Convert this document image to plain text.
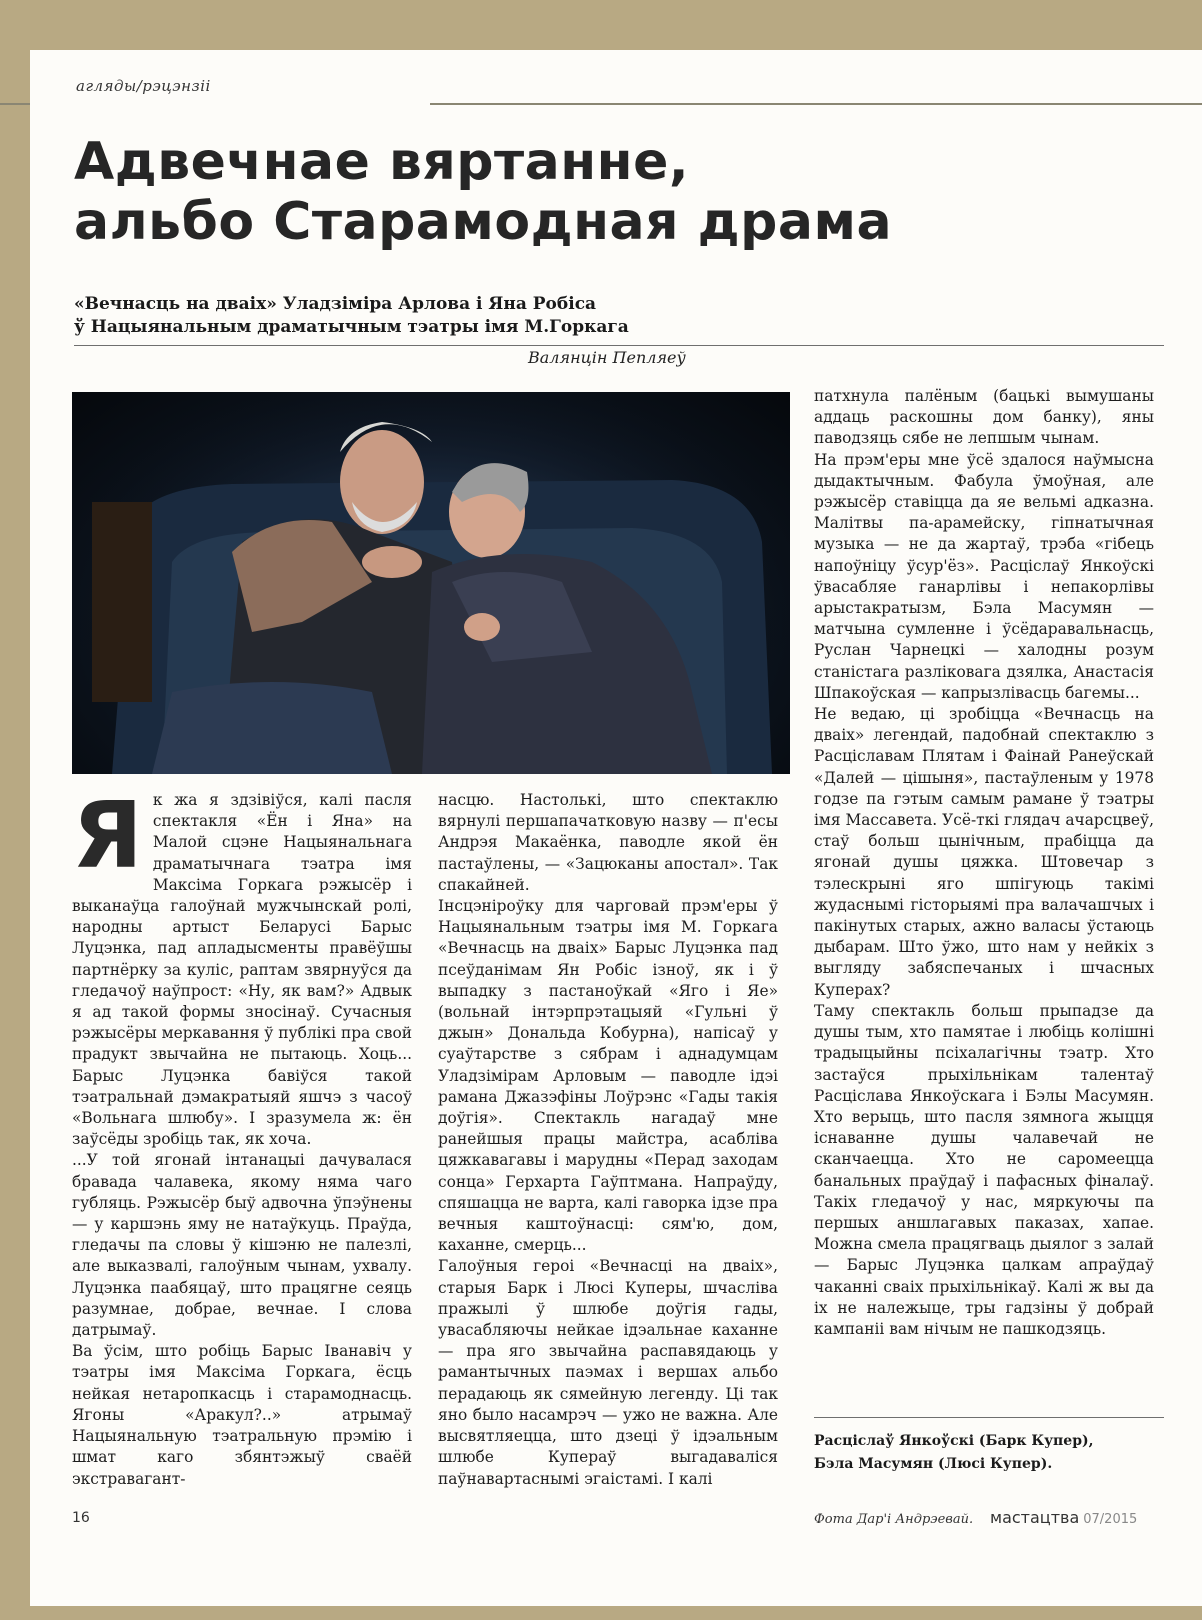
агляды/рэцэнзіі
Адвечнае вяртанне,
альбо Старамодная драма
«Вечнасць на дваіх» Уладзіміра Арлова і Яна Робіса
ў Нацыянальным драматычным тэатры імя М.Горкага
Валянцін Пепляеў
Я к жа я здзівіўся, калі пасля спектакля «Ён і Яна» на Малой сцэне Нацыянальнага драматычнага тэатра імя Максіма Горкага рэжысёр і выканаўца галоўнай мужчынскай ролі, народны артыст Беларусі Барыс Луцэнка, пад апладысменты правёўшы партнёрку за куліс, раптам звярнуўся да гледачоў наўпрост: «Ну, як вам?» Адвык я ад такой формы зносінаў. Сучасныя рэжысёры меркавання ў публікі пра свой прадукт звычайна не пытаюць. Хоць... Барыс Луцэнка бавіўся такой тэатральнай дэмакратыяй яшчэ з часоў «Вольнага шлюбу». І зразумела ж: ён заўсёды зробіць так, як хоча.

...У той ягонай інтанацыі дачувалася бравада чалавека, якому няма чаго губляць. Рэжысёр быў адвочна ўпэўнены — у каршэнь яму не натаўкуць. Праўда, гледачы па словы ў кішэню не палезлі, але выказвалі, галоўным чынам, ухвалу. Луцэнка паабяцаў, што працягне сеяць разумнае, добрае, вечнае. І слова датрымаў.

Ва ўсім, што робіць Барыс Іванавіч у тэатры імя Максіма Горкага, ёсць нейкая нетаропкасць і старамоднасць. Ягоны «Аракул?..» атрымаў Нацыянальную тэатральную прэмію і шмат каго збянтэжыў сваёй экстравагант-

насцю. Настолькі, што спектаклю вярнулі першапачатковую назву — п'есы Андрэя Макаёнка, паводле якой ён пастаўлены, — «Зацюканы апостал». Так спакайней.

Інсцэніроўку для чарговай прэм'еры ў Нацыянальным тэатры імя М. Горкага «Вечнасць на дваіх» Барыс Луцэнка пад псеўданімам Ян Робіс ізноў, як і ў выпадку з пастаноўкай «Яго і Яе» (вольнай інтэрпрэтацыяй «Гульні ў джын» Дональда Кобурна), напісаў у суаўтарстве з сябрам і аднадумцам Уладзімірам Арловым — паводле ідэі рамана Джазэфіны Лоўрэнс «Гады такія доўгія». Спектакль нагадаў мне ранейшыя працы майстра, асабліва цяжкавагавы і марудны «Перад заходам сонца» Герхарта Гаўптмана. Напраўду, спяшацца не варта, калі гаворка ідзе пра вечныя каштоўнасці: сям'ю, дом, каханне, смерць...

Галоўныя героі «Вечнасці на дваіх», старыя Барк і Люсі Куперы, шчасліва пражылі ў шлюбе доўгія гады, увасабляючы нейкае ідэальнае каханне — пра яго звычайна распавядаюць у рамантычных паэмах і вершах альбо перадаюць як сямейную легенду. Ці так яно было насамрэч — ужо не важна. Але высвятляецца, што дзеці ў ідэальным шлюбе Купераў выгадаваліся паўнавартаснымі эгаістамі. І калі

патхнула палёным (бацькі вымушаны аддаць раскошны дом банку), яны паводзяць сябе не лепшым чынам.

На прэм'еры мне ўсё здалося наўмысна дыдактычным. Фабула ўмоўная, але рэжысёр ставіцца да яе вельмі адказна. Малітвы па-арамейску, гіпнатычная музыка — не да жартаў, трэба «гібець напоўніцу ўсур'ёз». Расціслаў Янкоўскі ўвасабляе ганарлівы і непакорлівы арыстакратызм, Бэла Масумян — матчына сумленне і ўсёдаравальнасць, Руслан Чарнецкі — халодны розум станістага разліковага дзялка, Анастасія Шпакоўская — капрызлівасць багемы...

Не ведаю, ці зробіцца «Вечнасць на дваіх» легендай, падобнай спектаклю з Расціславам Плятам і Фаінай Ранеўскай «Далей — цішыня», пастаўленым у 1978 годзе па гэтым самым рамане ў тэатры імя Массавета. Усё-ткі глядач ачарсцвеў, стаў больш цынічным, прабіцца да ягонай душы цяжка. Штовечар з тэлескрыні яго шпігуюць такімі жудаснымі гісторыямі пра валачашчых і пакінутых старых, ажно валасы ўстаюць дыбарам. Што ўжо, што нам у нейкіх з выгляду забяспечаных і шчасных Куперах?

Таму спектакль больш прыпадзе да душы тым, хто памятае і любіць колішні традыцыйны псіхалагічны тэатр. Хто застаўся прыхільнікам талентаў Расціслава Янкоўскага і Бэлы Масумян. Хто верыць, што пасля зямнога жыцця існаванне душы чалавечай не сканчаецца. Хто не саромеецца банальных праўдаў і пафасных фіналаў. Такіх гледачоў у нас, мяркуючы па першых аншлагавых паказах, хапае. Можна смела працягваць дыялог з залай — Барыс Луцэнка цалкам апраўдаў чаканні сваіх прыхільнікаў. Калі ж вы да іх не належыце, тры гадзіны ў добрай кампаніі вам нічым не пашкодзяць.

Расціслаў Янкоўскі (Барк Купер),
Бэла Масумян (Люсі Купер).
Фота Дар'і Андрэевай.
16	мастацтва 07/2015
